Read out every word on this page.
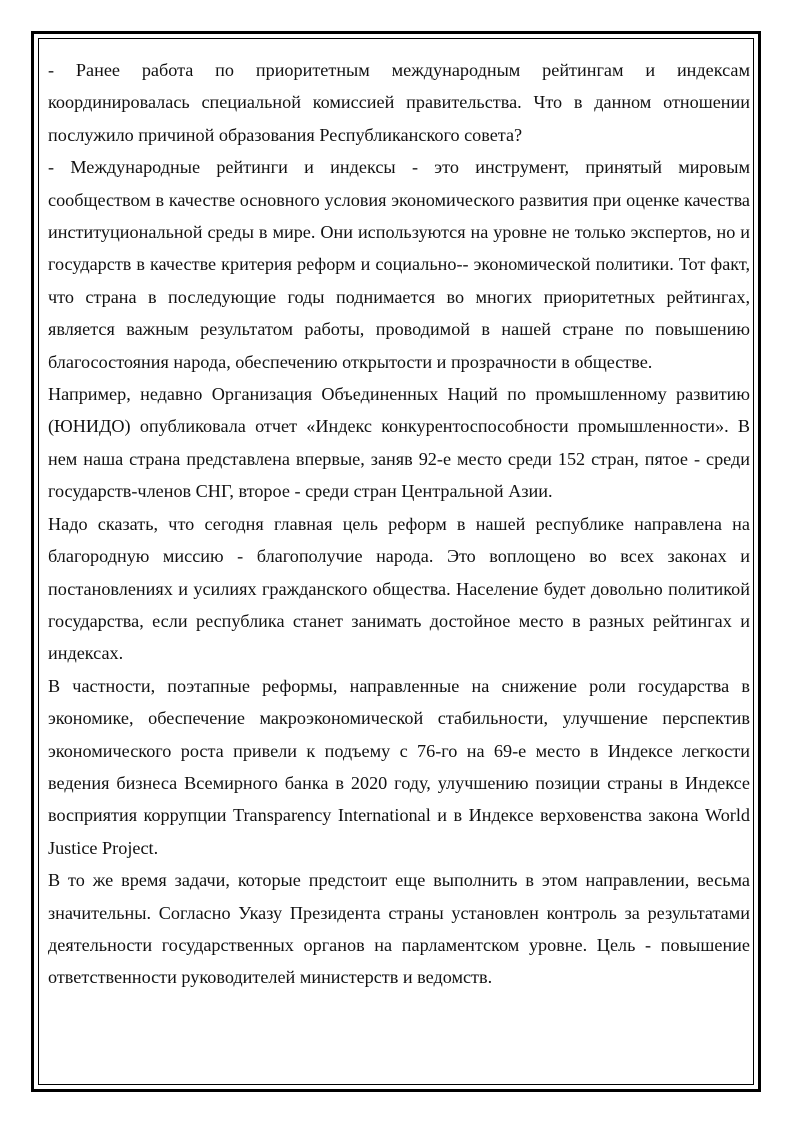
- Ранее работа по приоритетным международным рейтингам и индексам координировалась специальной комиссией правительства. Что в данном отношении послужило причиной образования Республиканского совета?

- Международные рейтинги и индексы - это инструмент, принятый мировым сообществом в качестве основного условия экономического развития при оценке качества институциональной среды в мире. Они используются на уровне не только экспертов, но и государств в качестве критерия реформ и социально-- экономической политики. Тот факт, что страна в последующие годы поднимается во многих приоритетных рейтингах, является важным результатом работы, проводимой в нашей стране по повышению благосостояния народа, обеспечению открытости и прозрачности в обществе.

Например, недавно Организация Объединенных Наций по промышленному развитию (ЮНИДО) опубликовала отчет «Индекс конкурентоспособности промышленности». В нем наша страна представлена впервые, заняв 92-е место среди 152 стран, пятое - среди государств-членов СНГ, второе - среди стран Центральной Азии.

Надо сказать, что сегодня главная цель реформ в нашей республике направлена на благородную миссию - благополучие народа. Это воплощено во всех законах и постановлениях и усилиях гражданского общества. Население будет довольно политикой государства, если республика станет занимать достойное место в разных рейтингах и индексах.

В частности, поэтапные реформы, направленные на снижение роли государства в экономике, обеспечение макроэкономической стабильности, улучшение перспектив экономического роста привели к подъему с 76-го на 69-е место в Индексе легкости ведения бизнеса Всемирного банка в 2020 году, улучшению позиции страны в Индексе восприятия коррупции Transparency International и в Индексе верховенства закона World Justice Project.

В то же время задачи, которые предстоит еще выполнить в этом направлении, весьма значительны. Согласно Указу Президента страны установлен контроль за результатами деятельности государственных органов на парламентском уровне. Цель - повышение ответственности руководителей министерств и ведомств.
